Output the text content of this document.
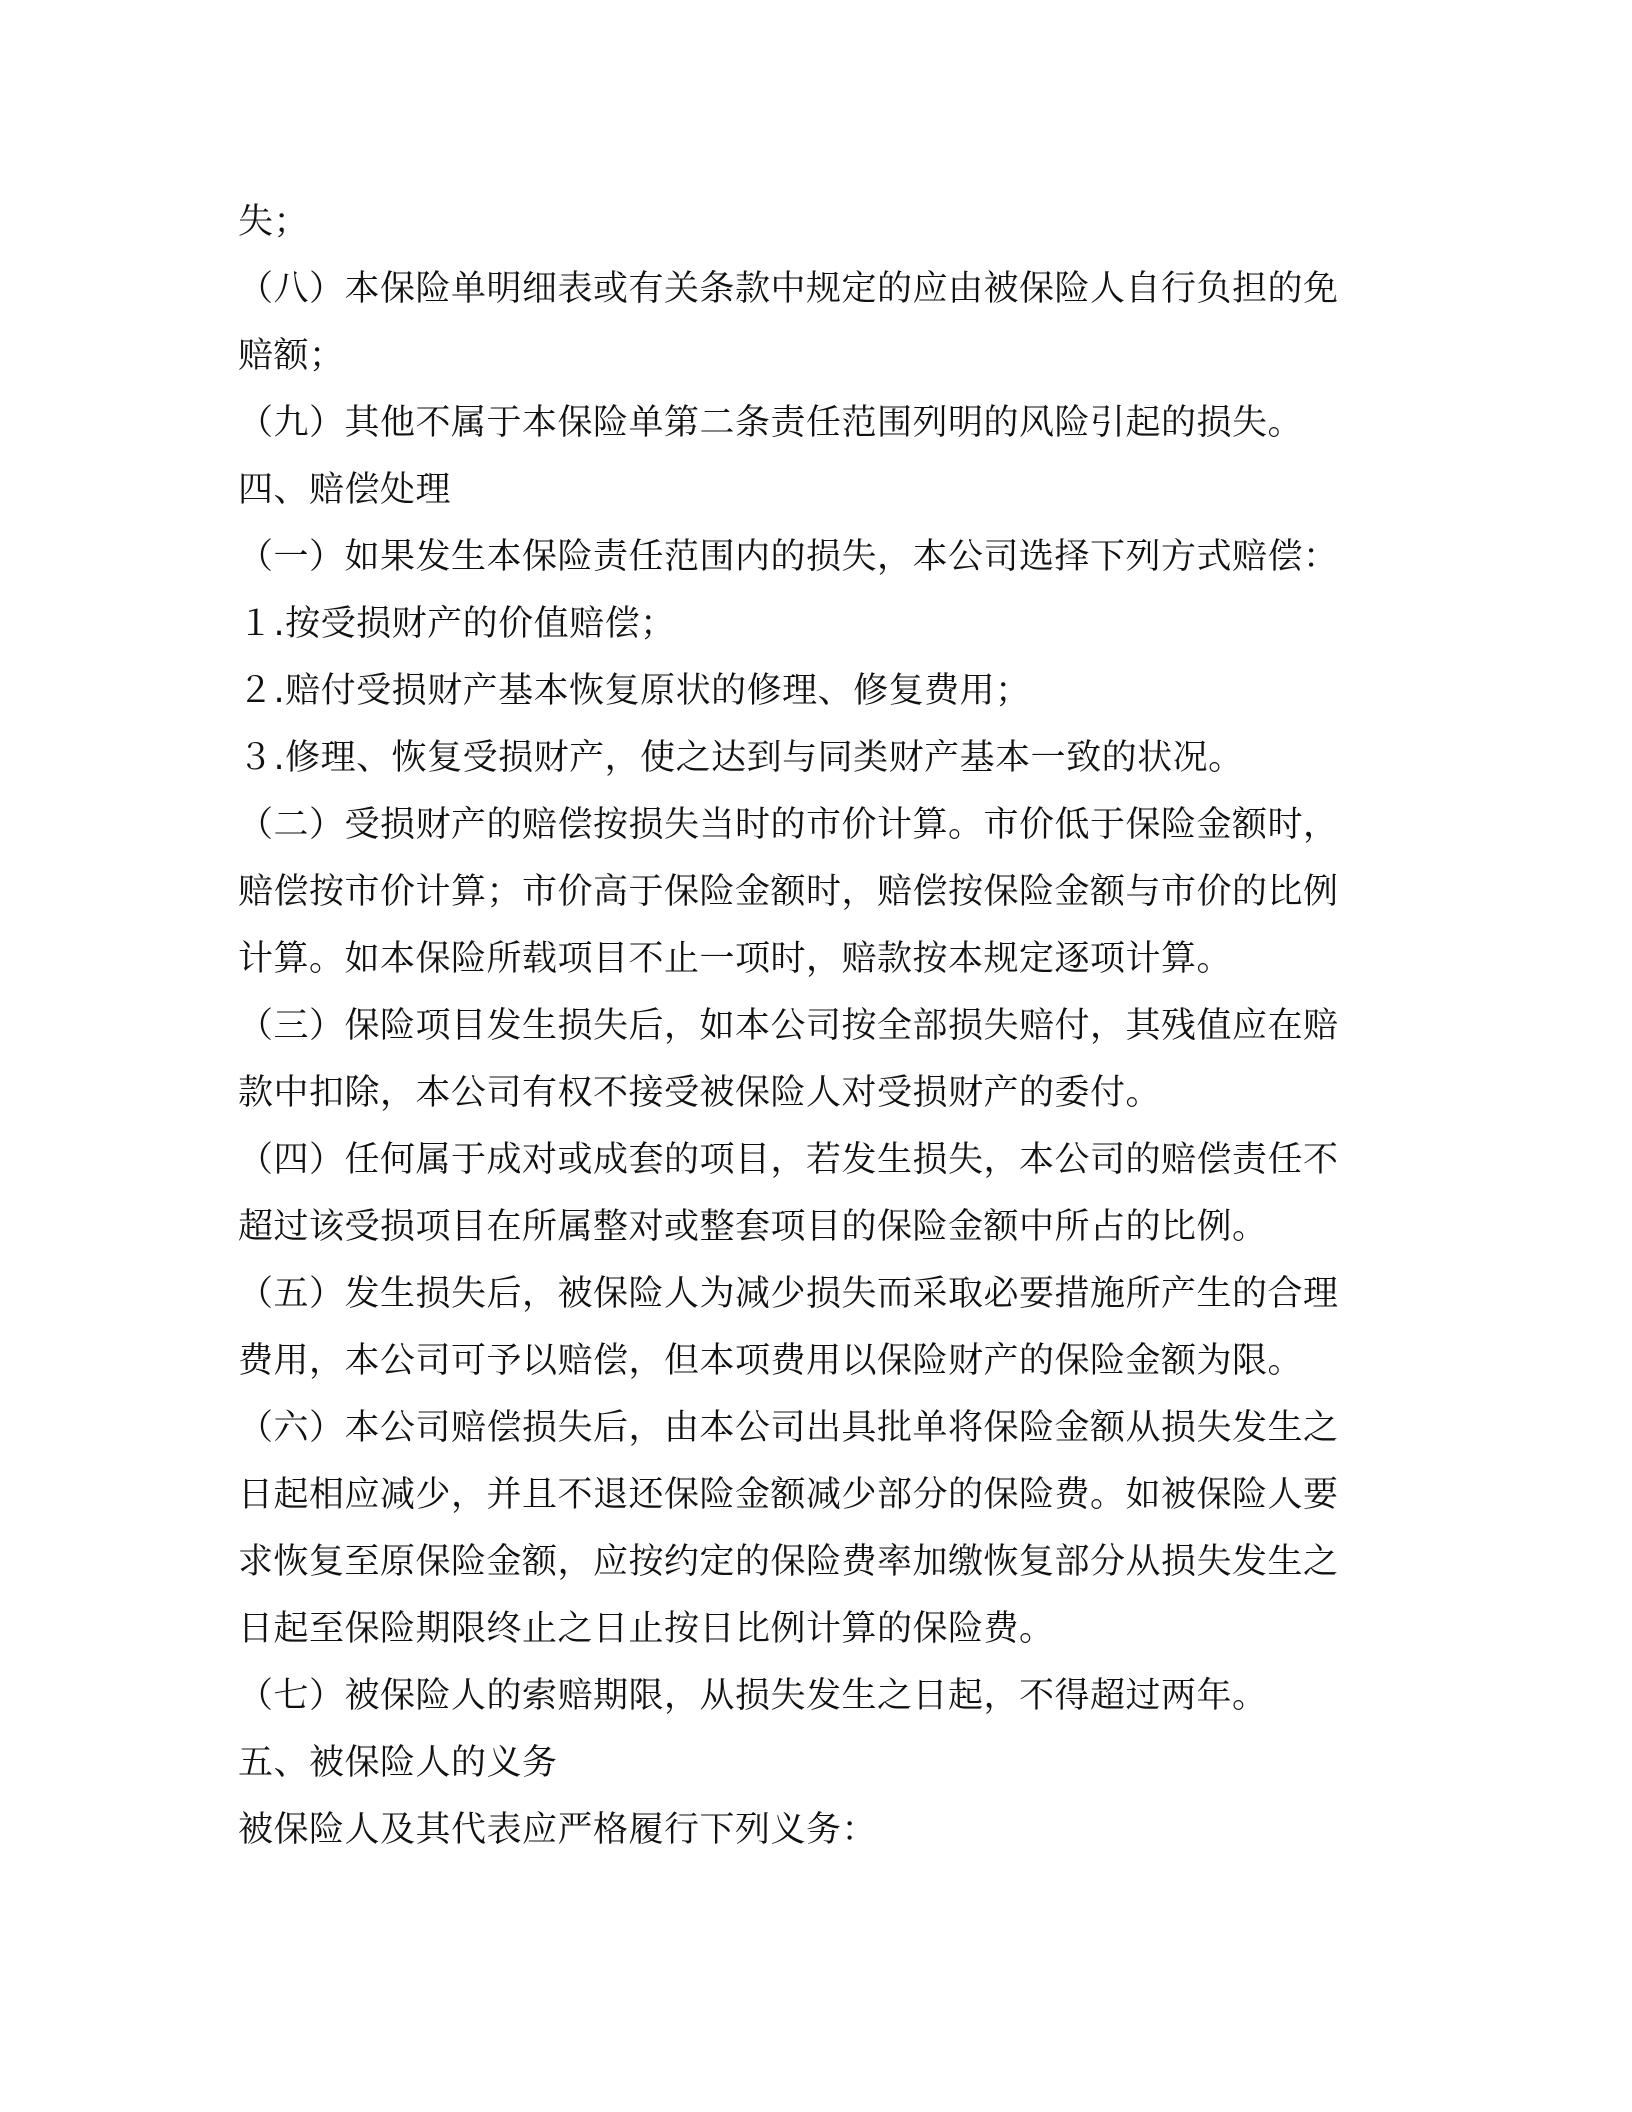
失；
（八）本保险单明细表或有关条款中规定的应由被保险人自行负担的免
赔额；
（九）其他不属于本保险单第二条责任范围列明的风险引起的损失。
四、赔偿处理
（一）如果发生本保险责任范围内的损失，本公司选择下列方式赔偿：
１.按受损财产的价值赔偿；
２.赔付受损财产基本恢复原状的修理、修复费用；
３.修理、恢复受损财产，使之达到与同类财产基本一致的状况。
（二）受损财产的赔偿按损失当时的市价计算。市价低于保险金额时，
赔偿按市价计算；市价高于保险金额时，赔偿按保险金额与市价的比例
计算。如本保险所载项目不止一项时，赔款按本规定逐项计算。
（三）保险项目发生损失后，如本公司按全部损失赔付，其残值应在赔
款中扣除，本公司有权不接受被保险人对受损财产的委付。
（四）任何属于成对或成套的项目，若发生损失，本公司的赔偿责任不
超过该受损项目在所属整对或整套项目的保险金额中所占的比例。
（五）发生损失后，被保险人为减少损失而采取必要措施所产生的合理
费用，本公司可予以赔偿，但本项费用以保险财产的保险金额为限。
（六）本公司赔偿损失后，由本公司出具批单将保险金额从损失发生之
日起相应减少，并且不退还保险金额减少部分的保险费。如被保险人要
求恢复至原保险金额，应按约定的保险费率加缴恢复部分从损失发生之
日起至保险期限终止之日止按日比例计算的保险费。
（七）被保险人的索赔期限，从损失发生之日起，不得超过两年。
五、被保险人的义务
被保险人及其代表应严格履行下列义务：
